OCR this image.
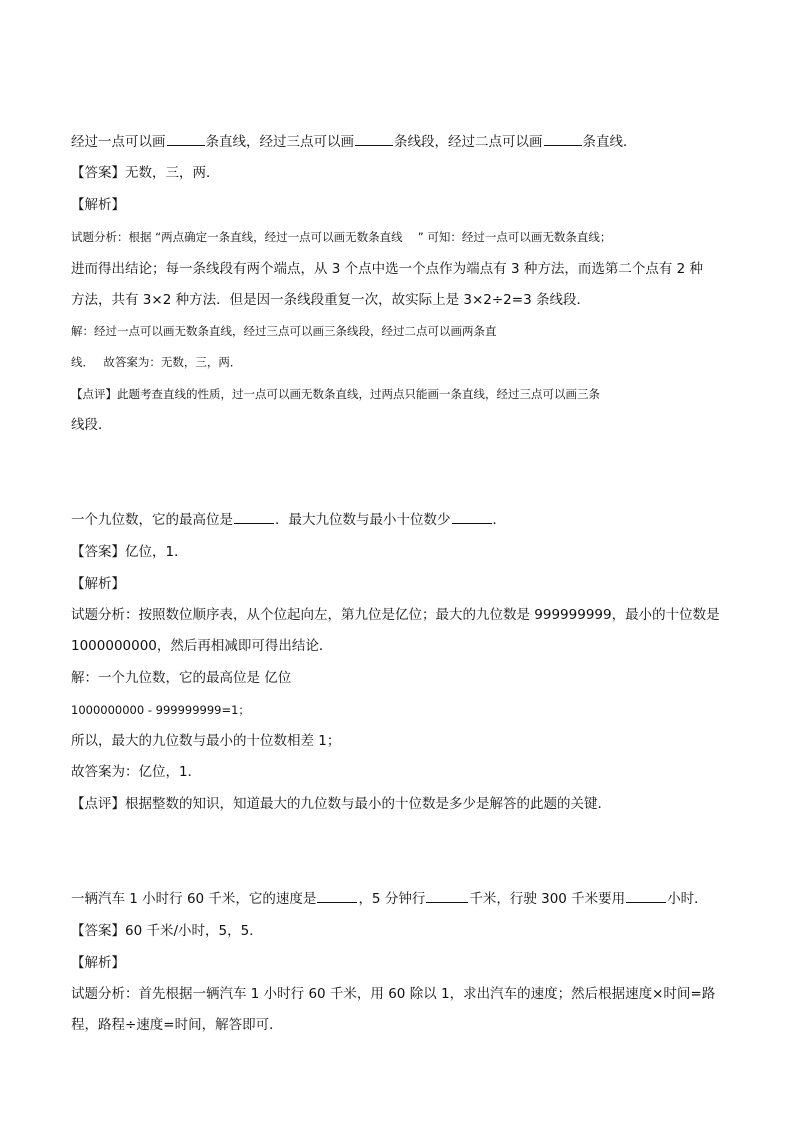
经过一点可以画	条直线，经过三点可以画	条线段，经过二点可以画	条直线．
【答案】无数，三，两．
【解析】
试题分析：根据 “两点确定一条直线，经过一点可以画无数条直线　 ” 可知：经过一点可以画无数条直线；
进而得出结论；每一条线段有两个端点，从 3 个点中选一个点作为端点有 3 种方法，而选第二个点有 2 种
方法，共有 3×2 种方法．但是因一条线段重复一次，故实际上是 3×2÷2=3 条线段．
解：经过一点可以画无数条直线，经过三点可以画三条线段，经过二点可以画两条直
线．　 故答案为：无数，三，两．
【点评】此题考查直线的性质，过一点可以画无数条直线，过两点只能画一条直线，经过三点可以画三条
线段．
一个九位数，它的最高位是	．最大九位数与最小十位数少	．
【答案】亿位，1．
【解析】
试题分析：按照数位顺序表，从个位起向左，第九位是亿位；最大的九位数是 999999999，最小的十位数是
1000000000，然后再相减即可得出结论．
解：一个九位数，它的最高位是 亿位
1000000000 - 999999999=1；
所以，最大的九位数与最小的十位数相差 1；
故答案为：亿位，1．
【点评】根据整数的知识，知道最大的九位数与最小的十位数是多少是解答的此题的关键．
一辆汽车 1 小时行 60 千米，它的速度是	，5 分钟行	千米，行驶 300 千米要用	小时．
【答案】60 千米/小时，5，5．
【解析】
试题分析：首先根据一辆汽车 1 小时行 60 千米，用 60 除以 1，求出汽车的速度；然后根据速度×时间=路
程，路程÷速度=时间，解答即可．
